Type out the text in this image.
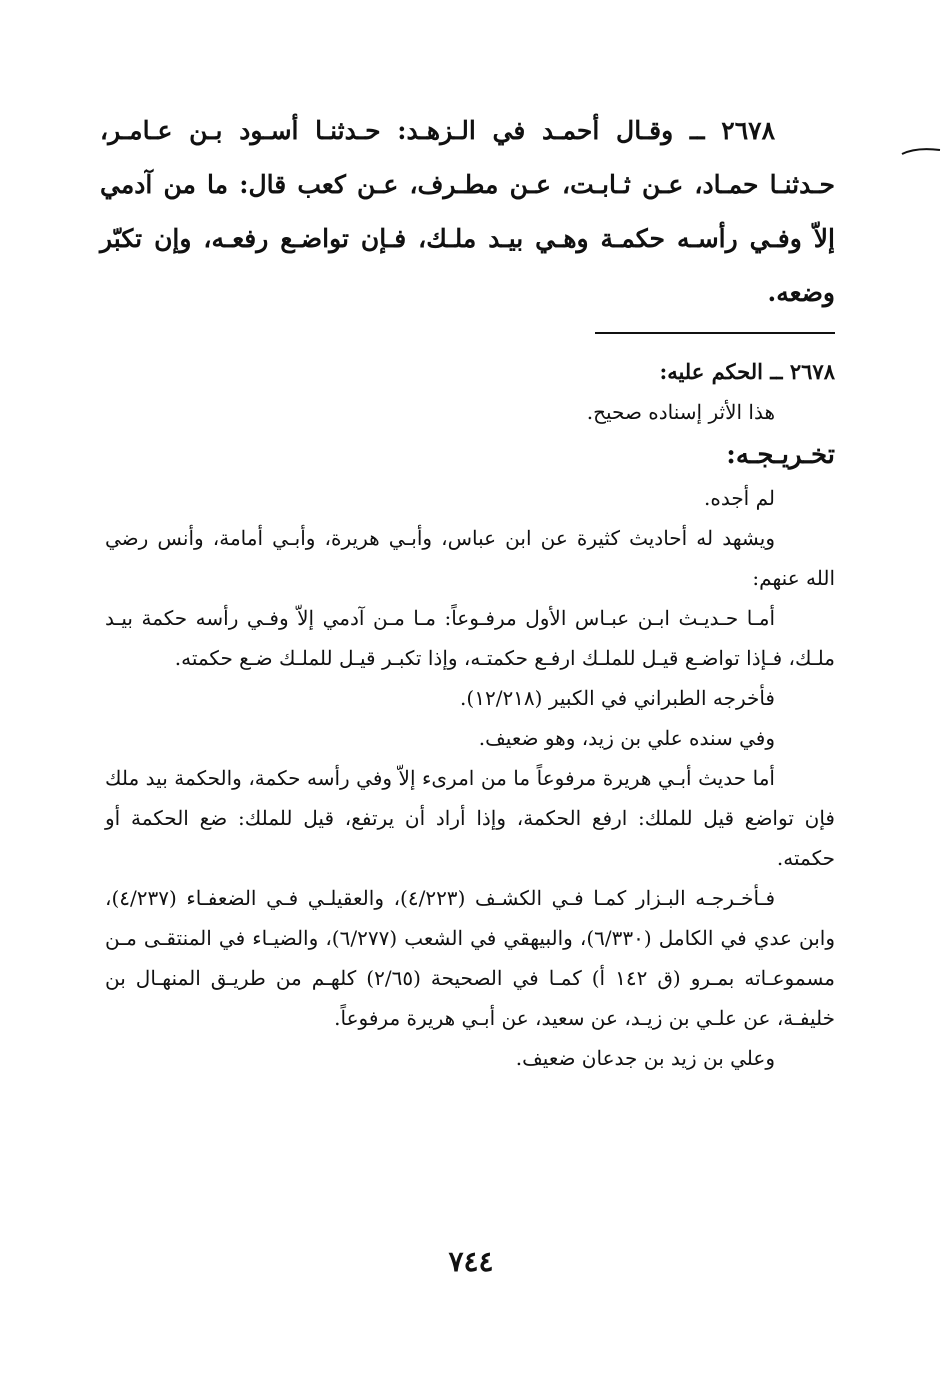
٢٦٧٨ ــ وقـال أحمـد في الـزهـد: حـدثنـا أسـود بـن عـامـر، حـدثنـا حمـاد، عـن ثـابـت، عـن مطـرف، عـن كعب قال: ما من آدمي إلاّ وفـي رأسـه حكمـة وهـي بيـد ملـك، فـإن تواضـع رفعـه، وإن تكبّر وضعه.

٢٦٧٨ ــ الحكم عليه:

هذا الأثر إسناده صحيح.

تخـريـجـه:

لم أجده.

ويشهد له أحاديث كثيرة عن ابن عباس، وأبـي هريرة، وأبـي أمامة، وأنس رضي الله عنهم:

أمـا حـديـث ابـن عبـاس الأول مرفـوعاً: مـا مـن آدمي إلاّ وفـي رأسه حكمة بيـد ملـك، فـإذا تواضـع قيـل للملـك ارفـع حكمتـه، وإذا تكبـر قيـل للملـك ضـع حكمته.

فأخرجه الطبراني في الكبير (١٢/٢١٨).

وفي سنده علي بن زيد، وهو ضعيف.

أما حديث أبـي هريرة مرفوعاً ما من امرىء إلاّ وفي رأسه حكمة، والحكمة بيد ملك فإن تواضع قيل للملك: ارفع الحكمة، وإذا أراد أن يرتفع، قيل للملك: ضع الحكمة أو حكمته.

فـأخـرجـه البـزار كمـا فـي الكشـف (٤/٢٢٣)، والعقيلـي فـي الضعفـاء (٤/٢٣٧)، وابن عدي في الكامل (٦/٣٣٠)، والبيهقي في الشعب (٦/٢٧٧)، والضيـاء في المنتقـى مـن مسموعـاته بمـرو (ق ١٤٢ أ) كمـا في الصحيحة (٢/٦٥) كلهـم من طريـق المنهـال بن خليفـة، عن علـي بن زيـد، عن سعيد، عن أبـي هريرة مرفوعاً.

وعلي بن زيد بن جدعان ضعيف.

٧٤٤
